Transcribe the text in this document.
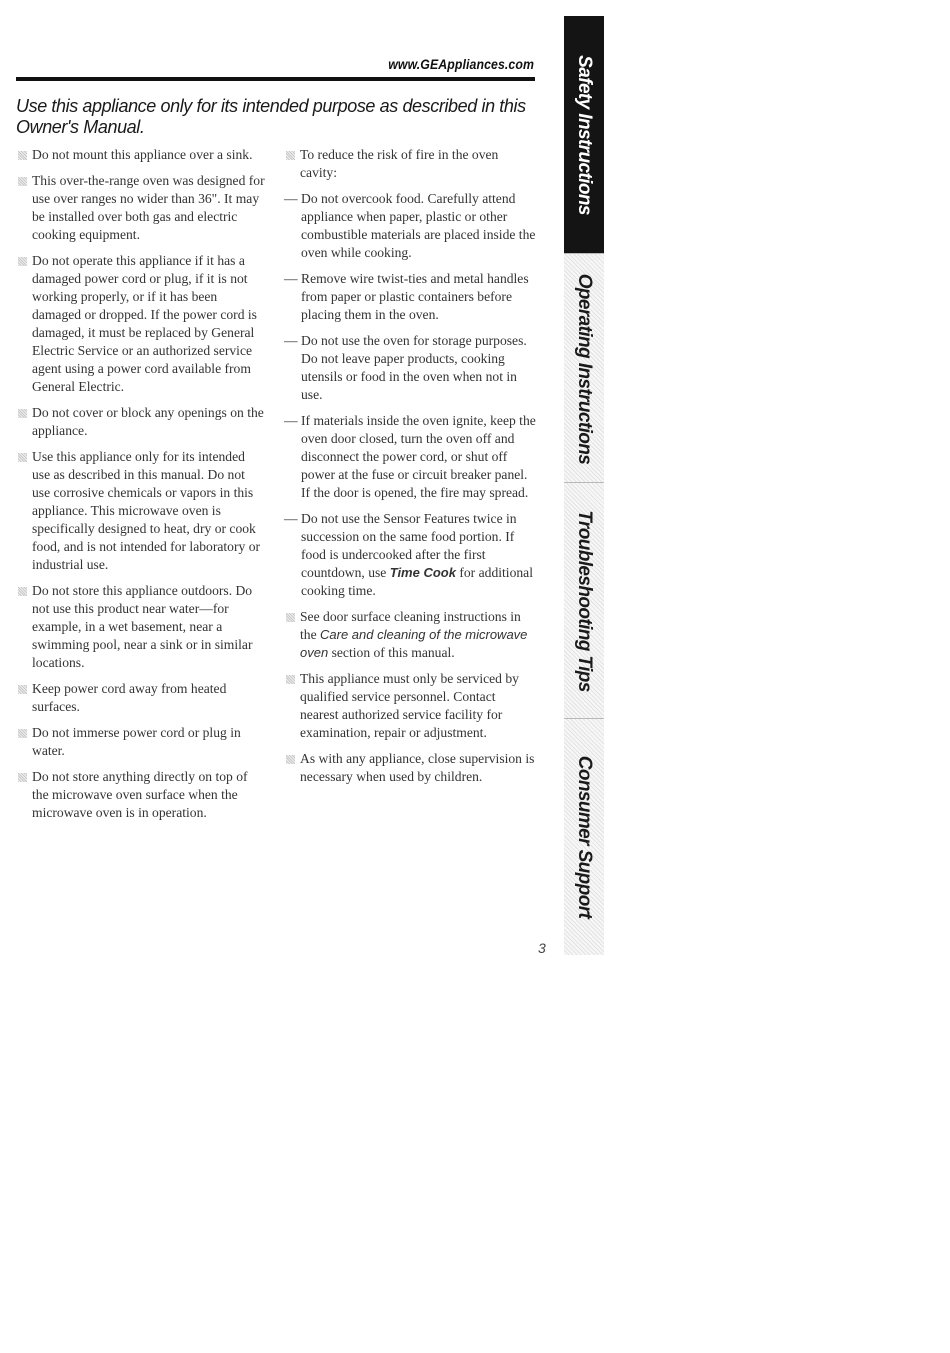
www.GEAppliances.com
Use this appliance only for its intended purpose as described in this Owner's Manual.
Do not mount this appliance over a sink.
This over-the-range oven was designed for use over ranges no wider than 36". It may be installed over both gas and electric cooking equipment.
Do not operate this appliance if it has a damaged power cord or plug, if it is not working properly, or if it has been damaged or dropped. If the power cord is damaged, it must be replaced by General Electric Service or an authorized service agent using a power cord available from General Electric.
Do not cover or block any openings on the appliance.
Use this appliance only for its intended use as described in this manual. Do not use corrosive chemicals or vapors in this appliance. This microwave oven is specifically designed to heat, dry or cook food, and is not intended for laboratory or industrial use.
Do not store this appliance outdoors. Do not use this product near water—for example, in a wet basement, near a swimming pool, near a sink or in similar locations.
Keep power cord away from heated surfaces.
Do not immerse power cord or plug in water.
Do not store anything directly on top of the microwave oven surface when the microwave oven is in operation.
To reduce the risk of fire in the oven cavity:
— Do not overcook food. Carefully attend appliance when paper, plastic or other combustible materials are placed inside the oven while cooking.
— Remove wire twist-ties and metal handles from paper or plastic containers before placing them in the oven.
— Do not use the oven for storage purposes. Do not leave paper products, cooking utensils or food in the oven when not in use.
— If materials inside the oven ignite, keep the oven door closed, turn the oven off and disconnect the power cord, or shut off power at the fuse or circuit breaker panel. If the door is opened, the fire may spread.
— Do not use the Sensor Features twice in succession on the same food portion. If food is undercooked after the first countdown, use Time Cook for additional cooking time.
See door surface cleaning instructions in the Care and cleaning of the microwave oven section of this manual.
This appliance must only be serviced by qualified service personnel. Contact nearest authorized service facility for examination, repair or adjustment.
As with any appliance, close supervision is necessary when used by children.
Safety Instructions
Operating Instructions
Troubleshooting Tips
Consumer Support
3
